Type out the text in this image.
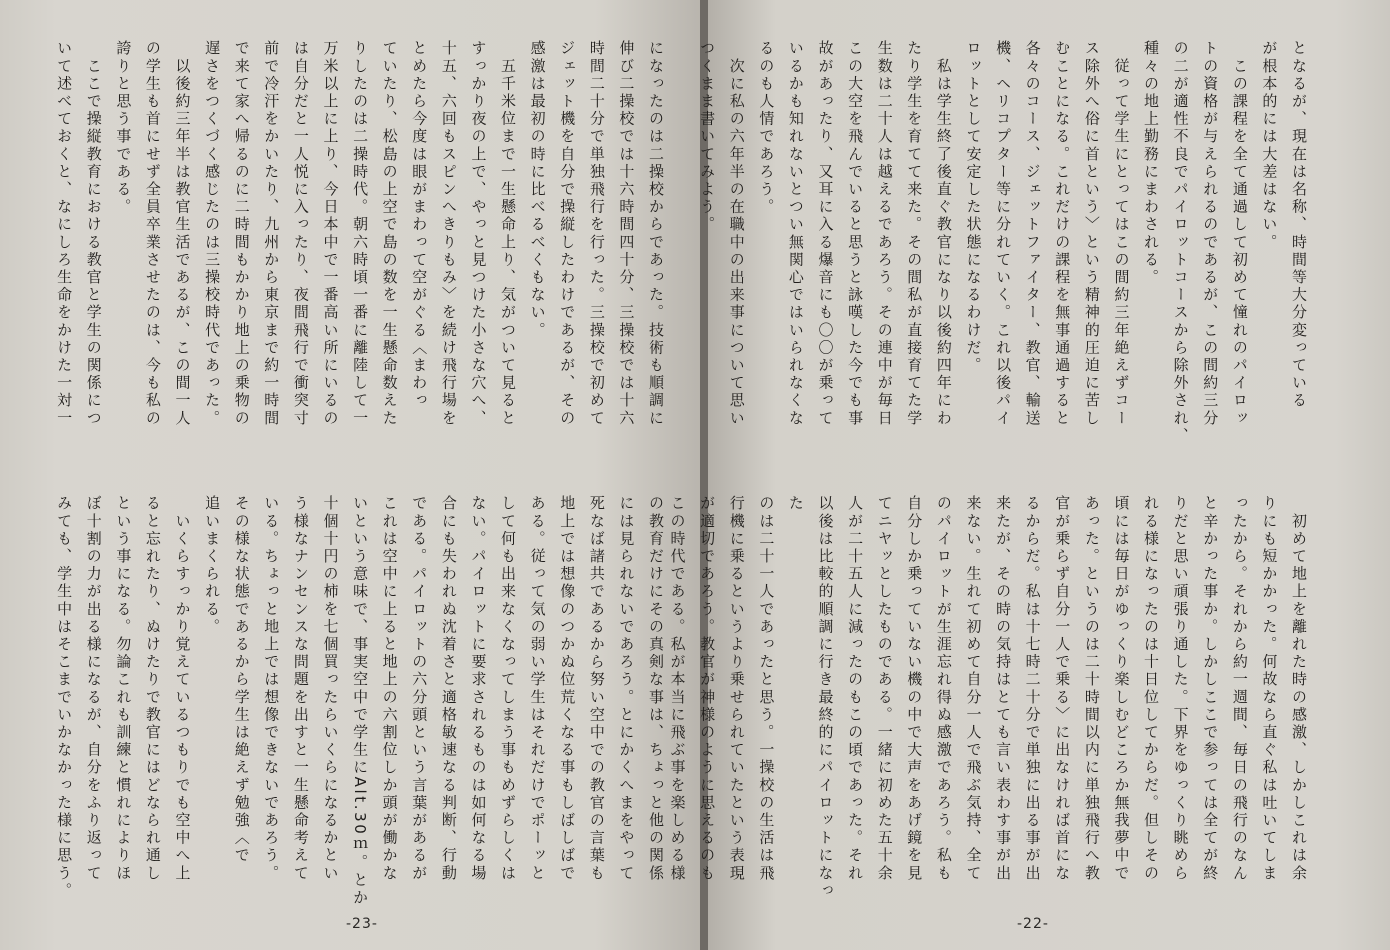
になったのは二操校からであった。技術も順調に
伸び二操校では十六時間四十分、三操校では十六
時間二十分で単独飛行を行った。三操校で初めて
ジェット機を自分で操縦したわけであるが、その
感激は最初の時に比べるべくもない。
　五千米位まで一生懸命上り、気がついて見ると
すっかり夜の上で、やっと見つけた小さな穴へ、
十五、六回もスピンへきりもみ〉を続け飛行場を
とめたら今度は眼がまわって空がぐる〈まわっ
ていたり、松島の上空で島の数を一生懸命数えた
りしたのは二操時代。朝六時頃一番に離陸して一
万米以上に上り、今日本中で一番高い所にいるの
は自分だと一人悦に入ったり、夜間飛行で衝突寸
前で冷汗をかいたり、九州から東京まで約一時間
で来て家へ帰るのに二時間もかかり地上の乗物の
遅さをつくづく感じたのは三操校時代であった。
　以後約三年半は教官生活であるが、この間一人
の学生も首にせず全員卒業させたのは、今も私の
誇りと思う事である。
　ここで操縦教育における教官と学生の関係につ
いて述べておくと、なにしろ生命をかけた一対一
の教育だけにその真剣な事は、ちょっと他の関係
には見られないであろう。とにかくへまをやって
死なば諸共であるから努い空中での教官の言葉も
地上では想像のつかぬ位荒くなる事もしばしばで
ある。従って気の弱い学生はそれだけでポーッと
して何も出来なくなってしまう事もめずらしくは
ない。パイロットに要求されるものは如何なる場
合にも失われぬ沈着さと適格敏速なる判断、行動
である。パイロットの六分頭という言葉があるが
これは空中に上ると地上の六割位しか頭が働かな
いという意味で、事実空中で学生にAlt.30ｍ。とか
十個十円の柿を七個買ったらいくらになるかとい
う様なナンセンスな問題を出すと一生懸命考えて
いる。ちょっと地上では想像できないであろう。
その様な状態であるから学生は絶えず勉強〈で
追いまくられる。
　いくらすっかり覚えているつもりでも空中へ上
ると忘れたり、ぬけたりで教官にはどなられ通し
という事になる。勿論これも訓練と慣れによりほ
ぼ十割の力が出る様になるが、自分をふり返って
みても、学生中はそこまでいかなかった様に思う。
-23-
となるが、現在は名称、時間等大分変っている
が根本的には大差はない。
　この課程を全て通過して初めて憧れのパイロッ
トの資格が与えられるのであるが、この間約三分
の二が適性不良でパイロットコースから除外され、
種々の地上勤務にまわされる。
　従って学生にとってはこの間約三年絶えずコー
ス除外へ俗に首という〉という精神的圧迫に苦し
むことになる。これだけの課程を無事通過すると
各々のコース、ジェットファイター、教官、輸送
機、ヘリコプター等に分れていく。これ以後パイ
ロットとして安定した状態になるわけだ。
　私は学生終了後直ぐ教官になり以後約四年にわ
たり学生を育てて来た。その間私が直接育てた学
生数は二十人は越えるであろう。その連中が毎日
この大空を飛んでいると思うと詠嘆した今でも事
故があったり、又耳に入る爆音にも〇〇が乗って
いるかも知れないとつい無関心ではいられなくな
るのも人情であろう。
　次に私の六年半の在職中の出来事について思い
つくまま書いてみよう。
　初めて地上を離れた時の感激、しかしこれは余
りにも短かかった。何故なら直ぐ私は吐いてしま
ったから。それから約一週間、毎日の飛行のなん
と辛かった事か。しかしここで参っては全てが終
りだと思い頑張り通した。下界をゆっくり眺めら
れる様になったのは十日位してからだ。但しその
頃には毎日がゆっくり楽しむどころか無我夢中で
あった。というのは二十時間以内に単独飛行へ教
官が乗らず自分一人で乗る〉に出なければ首にな
るからだ。私は十七時二十分で単独に出る事が出
来たが、その時の気持はとても言い表わす事が出
来ない。生れて初めて自分一人で飛ぶ気持、全て
のパイロットが生涯忘れ得ぬ感激であろう。私も
自分しか乗っていない機の中で大声をあげ鏡を見
てニヤッとしたものである。一緒に初めた五十余
人が二十五人に減ったのもこの頃であった。それ
以後は比較的順調に行き最終的にパイロットになった
のは二十一人であったと思う。一操校の生活は飛
行機に乗るというより乗せられていたという表現
が適切であろう。教官が神様のように思えるのも
この時代である。私が本当に飛ぶ事を楽しめる様
-22-
